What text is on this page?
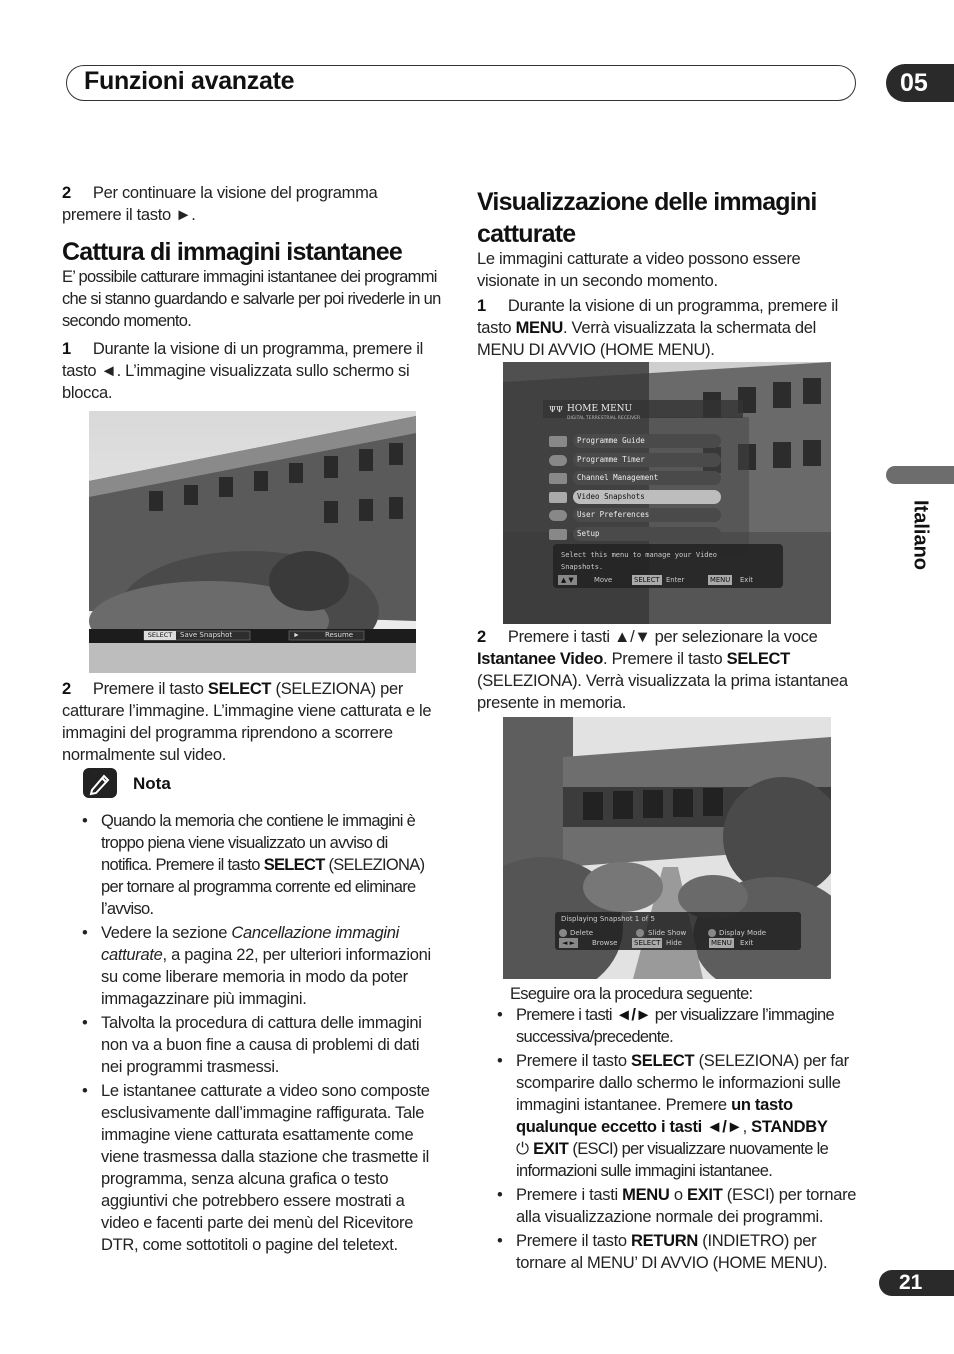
Funzioni avanzate	05
Italiano
21
2 Per continuare la visione del programma premere il tasto ►.
Cattura di immagini istantanee
E’ possibile catturare immagini istantanee dei programmi che si stanno guardando e salvarle per poi rivederle in un secondo momento.
1 Durante la visione di un programma, premere il tasto ◄. L’immagine visualizzata sullo schermo si blocca.
SELECT	Save Snapshot	►	Resume
2 Premere il tasto SELECT (SELEZIONA) per catturare l’immagine. L’immagine viene catturata e le immagini del programma riprendono a scorrere normalmente sul video.
Nota
• Quando la memoria che contiene le immagini è troppo piena viene visualizzato un avviso di notifica. Premere il tasto SELECT (SELEZIONA) per tornare al programma corrente ed eliminare l’avviso.
• Vedere la sezione Cancellazione immagini catturate, a pagina 22, per ulteriori informazioni su come liberare memoria in modo da poter immagazzinare più immagini.
• Talvolta la procedura di cattura delle immagini non va a buon fine a causa di problemi di dati nei programmi trasmessi.
• Le istantanee catturate a video sono composte esclusivamente dall’immagine raffigurata. Tale immagine viene catturata esattamente come viene trasmessa dalla stazione che trasmette il programma, senza alcuna grafica o testo aggiuntivi che potrebbero essere mostrati a video e facenti parte dei menù del Ricevitore DTR, come sottotitoli o pagine del teletext.
Visualizzazione delle immagini catturate
Le immagini catturate a video possono essere visionate in un secondo momento.
1 Durante la visione di un programma, premere il tasto MENU. Verrà visualizzata la schermata del MENU DI AVVIO (HOME MENU).
ΨΨ HOME MENU
DIGITAL TERRESTRIAL RECEIVER
Programme Guide
Programme Timer
Channel Management
Video Snapshots
User Preferences
Setup
Select this menu to manage your Video Snapshots.
▲ ▼	Move	SELECT Enter	MENU Exit
2 Premere i tasti ▲/▼ per selezionare la voce Istantanee Video. Premere il tasto SELECT (SELEZIONA). Verrà visualizzata la prima istantanea presente in memoria.
Displaying Snapshot 1 of 5
Delete	Slide Show	Display Mode
◄ ►	Browse SELECT Hide	MENU Exit
Eseguire ora la procedura seguente:
• Premere i tasti ◄/► per visualizzare l’immagine successiva/precedente.
• Premere il tasto SELECT (SELEZIONA) per far scomparire dallo schermo le informazioni sulle immagini istantanee. Premere un tasto qualunque eccetto i tasti ◄/►, STANDBY
⏻ EXIT (ESCI) per visualizzare nuovamente le informazioni sulle immagini istantanee.
• Premere i tasti MENU o EXIT (ESCI) per tornare alla visualizzazione normale dei programmi.
• Premere il tasto RETURN (INDIETRO) per tornare al MENU’ DI AVVIO (HOME MENU).
